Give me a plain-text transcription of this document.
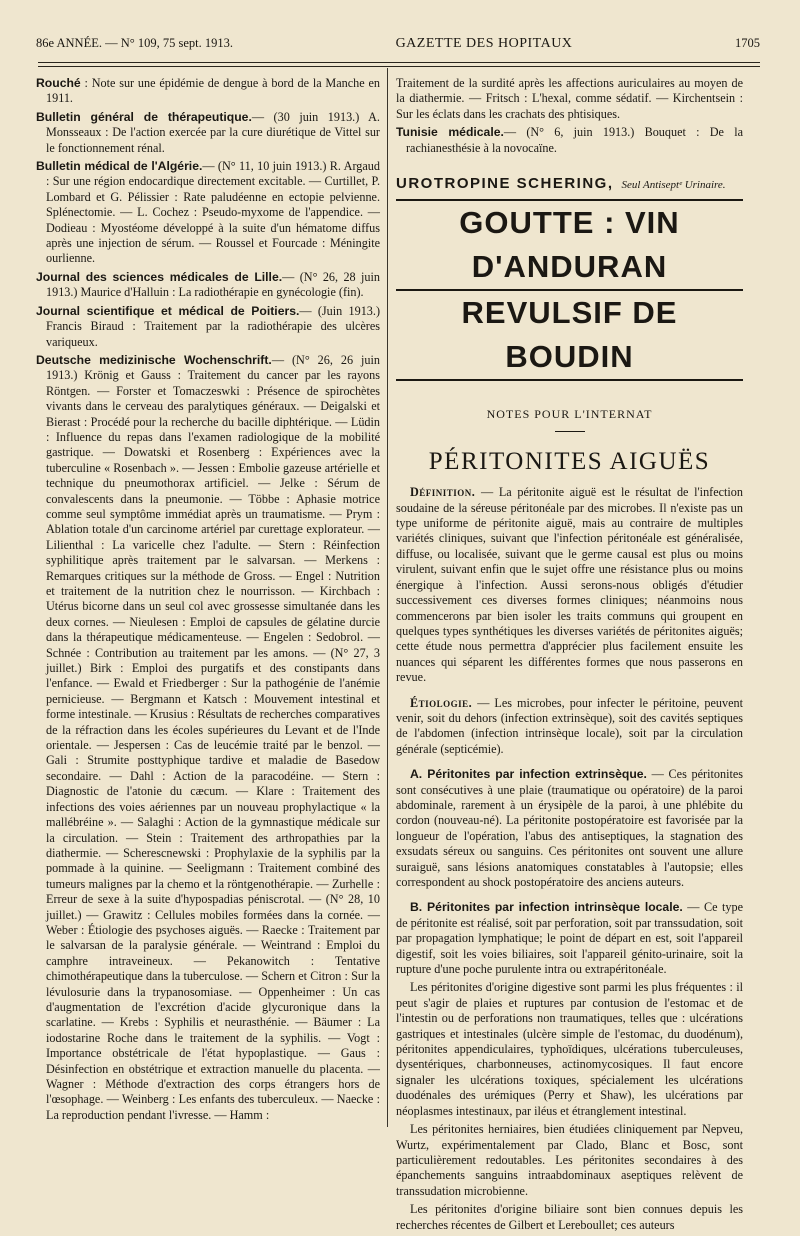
86e ANNÉE. — N° 109, 75 sept. 1913.	GAZETTE DES HOPITAUX	1705

Rouché : Note sur une épidémie de dengue à bord de la Manche en 1911.

Bulletin général de thérapeutique.— (30 juin 1913.) A. Monsseaux : De l'action exercée par la cure diurétique de Vittel sur le fonctionnement rénal.

Bulletin médical de l'Algérie.— (N° 11, 10 juin 1913.) R. Argaud : Sur une région endocardique directement excitable. — Curtillet, P. Lombard et G. Pélissier : Rate paludéenne en ectopie pelvienne. Splénectomie. — L. Cochez : Pseudo-myxome de l'appendice. — Dodieau : Myostéome développé à la suite d'un hématome diffus après une injection de sérum. — Roussel et Fourcade : Méningite ourlienne.

Journal des sciences médicales de Lille.— (N° 26, 28 juin 1913.) Maurice d'Halluin : La radiothérapie en gynécologie (fin).

Journal scientifique et médical de Poitiers.— (Juin 1913.) Francis Biraud : Traitement par la radiothérapie des ulcères variqueux.

Deutsche medizinische Wochenschrift.— (N° 26, 26 juin 1913.) Krönig et Gauss : Traitement du cancer par les rayons Röntgen. — Forster et Tomaczeswki : Présence de spirochètes vivants dans le cerveau des paralytiques généraux. — Deigalski et Bierast : Procédé pour la recherche du bacille diphtérique. — Lüdin : Influence du repas dans l'examen radiologique de la mobilité gastrique. — Dowatski et Rosenberg : Expériences avec la tuberculine « Rosenbach ». — Jessen : Embolie gazeuse artérielle et technique du pneumothorax artificiel. — Jelke : Sérum de convalescents dans la pneumonie. — Többe : Aphasie motrice comme seul symptôme immédiat après un traumatisme. — Prym : Ablation totale d'un carcinome artériel par curettage explorateur. — Lilienthal : La varicelle chez l'adulte. — Stern : Réinfection syphilitique après traitement par le salvarsan. — Merkens : Remarques critiques sur la méthode de Gross. — Engel : Nutrition et traitement de la nutrition chez le nourrisson. — Kirchbach : Utérus bicorne dans un seul col avec grossesse simultanée dans les deux cornes. — Nieulesen : Emploi de capsules de gélatine durcie dans la thérapeutique médicamenteuse. — Engelen : Sedobrol. — Schnée : Contribution au traitement par les amons. — (N° 27, 3 juillet.) Birk : Emploi des purgatifs et des constipants dans l'enfance. — Ewald et Friedberger : Sur la pathogénie de l'anémie pernicieuse. — Bergmann et Katsch : Mouvement intestinal et forme intestinale. — Krusius : Résultats de recherches comparatives de la réfraction dans les écoles supérieures du Levant et de l'Inde orientale. — Jespersen : Cas de leucémie traité par le benzol. — Gali : Strumite posttyphique tardive et maladie de Basedow secondaire. — Dahl : Action de la paracodéine. — Stern : Diagnostic de l'atonie du cæcum. — Klare : Traitement des infections des voies aériennes par un nouveau prophylactique « la mallébréine ». — Salaghi : Action de la gymnastique médicale sur la circulation. — Stein : Traitement des arthropathies par la diathermie. — Scherescnewski : Prophylaxie de la syphilis par la pommade à la quinine. — Seeligmann : Traitement combiné des tumeurs malignes par la chemo et la röntgenothérapie. — Zurhelle : Erreur de sexe à la suite d'hypospadias péniscrotal. — (N° 28, 10 juillet.) — Grawitz : Cellules mobiles formées dans la cornée. — Weber : Étiologie des psychoses aiguës. — Raecke : Traitement par le salvarsan de la paralysie générale. — Weintrand : Emploi du camphre intraveineux. — Pekanowitch : Tentative chimothérapeutique dans la tuberculose. — Schern et Citron : Sur la lévulosurie dans la trypanosomiase. — Oppenheimer : Un cas d'augmentation de l'excrétion d'acide glycuronique dans la scarlatine. — Krebs : Syphilis et neurasthénie. — Bäumer : La iodostarine Roche dans le traitement de la syphilis. — Vogt : Importance obstétricale de l'état hypoplastique. — Gaus : Désinfection en obstétrique et extraction manuelle du placenta. — Wagner : Méthode d'extraction des corps étrangers hors de l'œsophage. — Weinberg : Les enfants des tuberculeux. — Naecke : La reproduction pendant l'ivresse. — Hamm :

Traitement de la surdité après les affections auriculaires au moyen de la diathermie. — Fritsch : L'hexal, comme sédatif. — Kirchentsein : Sur les éclats dans les crachats des phtisiques.

Tunisie médicale.— (N° 6, juin 1913.) Bouquet : De la rachianesthésie à la novocaïne.

UROTROPINE SCHERING, Seul Antiseptᵉ Urinaire.
GOUTTE : VIN D'ANDURAN
REVULSIF DE BOUDIN
NOTES POUR L'INTERNAT
PÉRITONITES AIGUËS

Définition. — La péritonite aiguë est le résultat de l'infection soudaine de la séreuse péritonéale par des microbes. Il n'existe pas un type uniforme de péritonite aiguë, mais au contraire de multiples variétés cliniques, suivant que l'infection péritonéale est généralisée, diffuse, ou localisée, suivant que le germe causal est plus ou moins virulent, suivant enfin que le sujet offre une résistance plus ou moins énergique à l'infection. Aussi serons-nous obligés d'étudier successivement ces diverses formes cliniques; néanmoins nous commencerons par bien isoler les traits communs qui groupent en quelques types synthétiques les diverses variétés de péritonites aiguës; cette étude nous permettra d'apprécier plus facilement ensuite les nuances qui séparent les différentes formes que nous passerons en revue.

Étiologie. — Les microbes, pour infecter le péritoine, peuvent venir, soit du dehors (infection extrinsèque), soit des cavités septiques de l'abdomen (infection intrinsèque locale), soit par la circulation générale (septicémie).

A. Péritonites par infection extrinsèque. — Ces péritonites sont consécutives à une plaie (traumatique ou opératoire) de la paroi abdominale, rarement à un érysipèle de la paroi, à une phlébite du cordon (nouveau-né). La péritonite postopératoire est favorisée par la longueur de l'opération, l'abus des antiseptiques, la stagnation des exsudats séreux ou sanguins. Ces péritonites ont souvent une allure suraiguë, sans lésions anatomiques constatables à l'autopsie; elles correspondent au shock postopératoire des anciens auteurs.

B. Péritonites par infection intrinsèque locale. — Ce type de péritonite est réalisé, soit par perforation, soit par transsudation, soit par propagation lymphatique; le point de départ en est, soit l'appareil digestif, soit les voies biliaires, soit l'appareil génito-urinaire, soit la rupture d'une poche purulente intra ou extrapéritonéale.

Les péritonites d'origine digestive sont parmi les plus fréquentes : il peut s'agir de plaies et ruptures par contusion de l'estomac et de l'intestin ou de perforations non traumatiques, telles que : ulcérations gastriques et intestinales (ulcère simple de l'estomac, du duodénum), péritonites appendiculaires, typhoïdiques, ulcérations tuberculeuses, dysentériques, charbonneuses, actinomycosiques. Il faut encore signaler les ulcérations toxiques, spécialement les ulcérations duodénales des urémiques (Perry et Shaw), les ulcérations par néoplasmes intestinaux, par iléus et étranglement intestinal.

Les péritonites herniaires, bien étudiées cliniquement par Nepveu, Wurtz, expérimentalement par Clado, Blanc et Bosc, sont particulièrement redoutables. Les péritonites secondaires à des épanchements sanguins intraabdominaux aseptiques relèvent de transsudation microbienne.

Les péritonites d'origine biliaire sont bien connues depuis les recherches récentes de Gilbert et Lereboullet; ces auteurs
